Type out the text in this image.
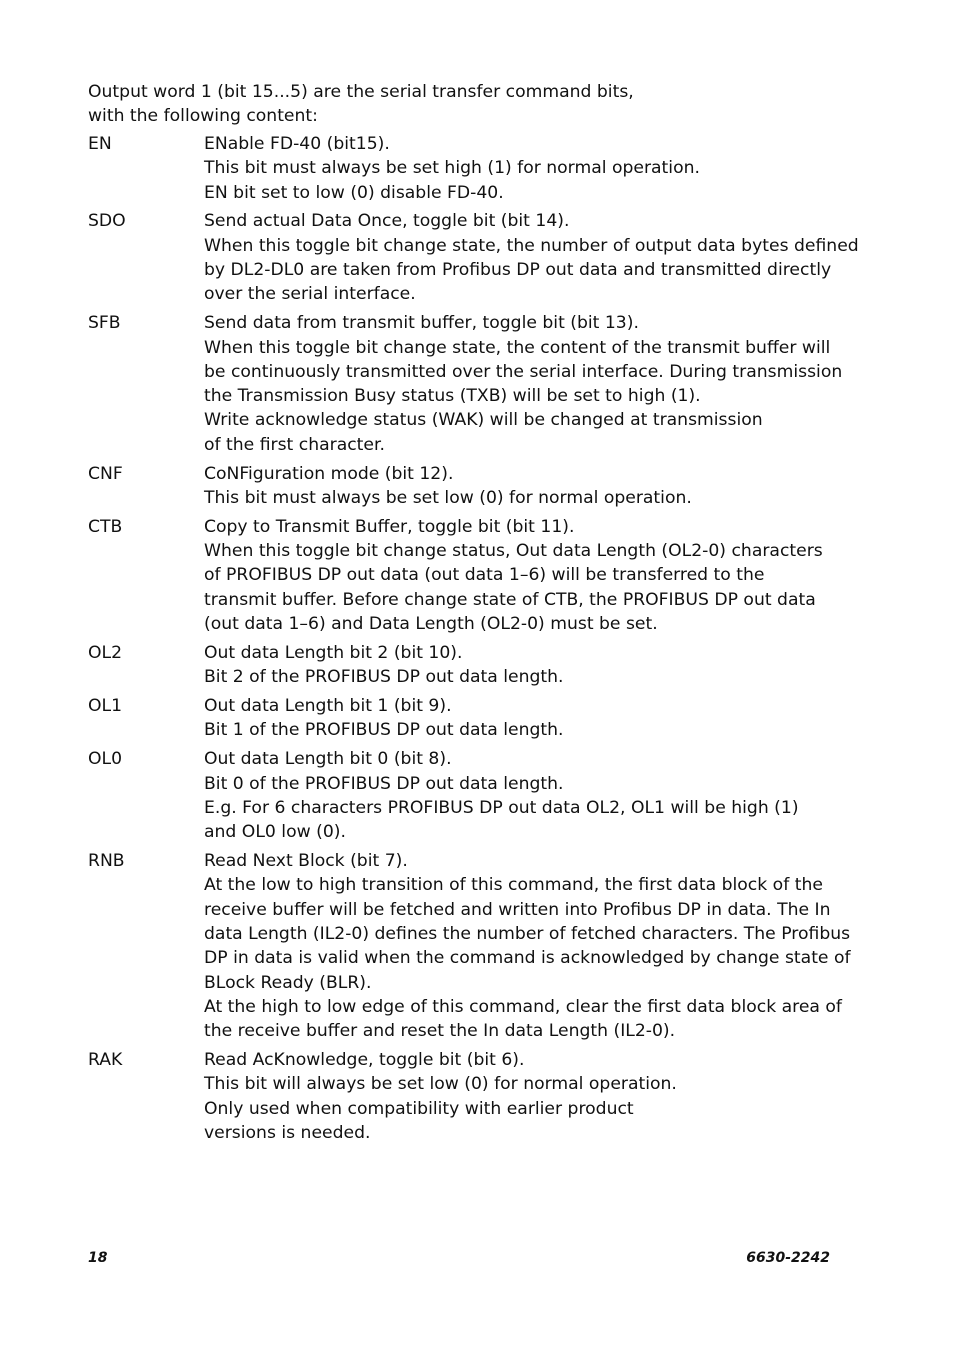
Output word 1 (bit 15...5) are the serial transfer command bits,
with the following content:
EN	ENable FD-40 (bit15).
This bit must always be set high (1) for normal operation.
EN bit set to low (0) disable FD-40.
SDO	Send actual Data Once, toggle bit (bit 14).
When this toggle bit change state, the number of output data bytes defined
by DL2-DL0 are taken from Profibus DP out data and transmitted directly
over the serial interface.
SFB	Send data from transmit buffer, toggle bit (bit 13).
When this toggle bit change state, the content of the transmit buffer will
be continuously transmitted over the serial interface. During transmission
the Transmission Busy status (TXB) will be set to high (1).
Write acknowledge status (WAK) will be changed at transmission
of the first character.
CNF	CoNFiguration mode (bit 12).
This bit must always be set low (0) for normal operation.
CTB	Copy to Transmit Buffer, toggle bit (bit 11).
When this toggle bit change status, Out data Length (OL2-0) characters
of PROFIBUS DP out data (out data 1–6) will be transferred to the
transmit buffer. Before change state of CTB, the PROFIBUS DP out data
(out data 1–6) and Data Length (OL2-0) must be set.
OL2	Out data Length bit 2 (bit 10).
Bit 2 of the PROFIBUS DP out data length.
OL1	Out data Length bit 1 (bit 9).
Bit 1 of the PROFIBUS DP out data length.
OL0	Out data Length bit 0 (bit 8).
Bit 0 of the PROFIBUS DP out data length.
E.g. For 6 characters PROFIBUS DP out data OL2, OL1 will be high (1)
and OL0 low (0).
RNB	Read Next Block (bit 7).
At the low to high transition of this command, the first data block of the
receive buffer will be fetched and written into Profibus DP in data. The In
data Length (IL2-0) defines the number of fetched characters. The Profibus
DP in data is valid when the command is acknowledged by change state of
BLock Ready (BLR).
At the high to low edge of this command, clear the first data block area of
the receive buffer and reset the In data Length (IL2-0).
RAK	Read AcKnowledge, toggle bit (bit 6).
This bit will always be set low (0) for normal operation.
Only used when compatibility with earlier product
versions is needed.
18	6630-2242
